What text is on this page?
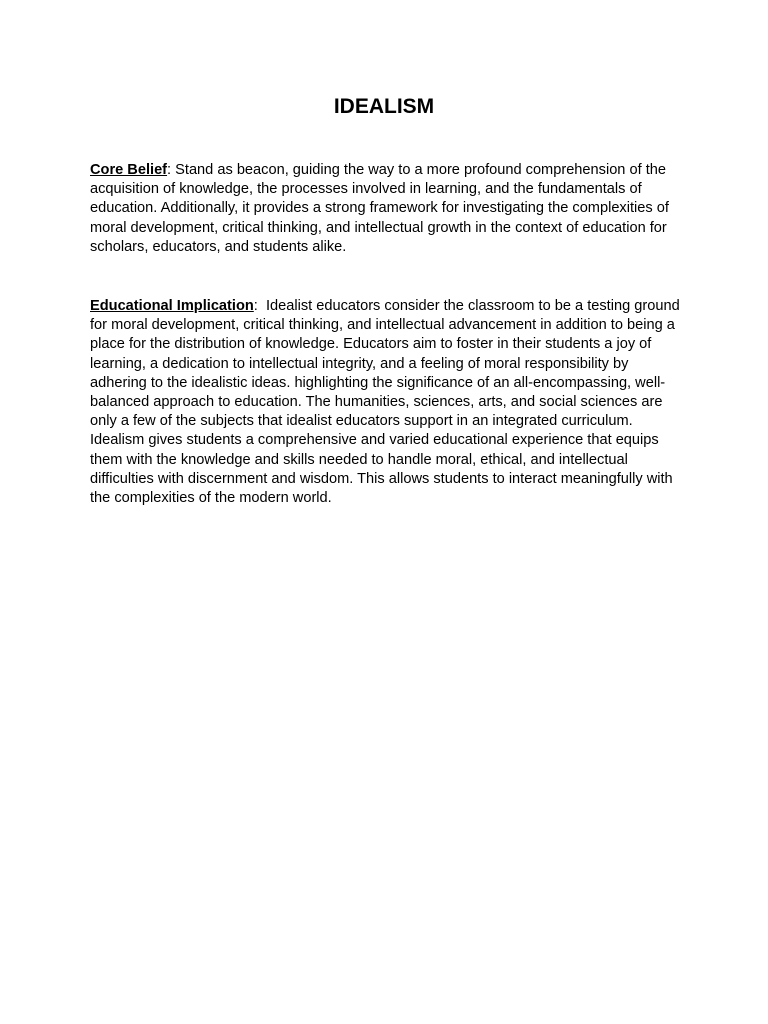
IDEALISM

Core Belief: Stand as beacon, guiding the way to a more profound comprehension of the acquisition of knowledge, the processes involved in learning, and the fundamentals of education. Additionally, it provides a strong framework for investigating the complexities of moral development, critical thinking, and intellectual growth in the context of education for scholars, educators, and students alike.

Educational Implication:  Idealist educators consider the classroom to be a testing ground for moral development, critical thinking, and intellectual advancement in addition to being a place for the distribution of knowledge. Educators aim to foster in their students a joy of learning, a dedication to intellectual integrity, and a feeling of moral responsibility by adhering to the idealistic ideas. highlighting the significance of an all-encompassing, well-balanced approach to education. The humanities, sciences, arts, and social sciences are only a few of the subjects that idealist educators support in an integrated curriculum. Idealism gives students a comprehensive and varied educational experience that equips them with the knowledge and skills needed to handle moral, ethical, and intellectual difficulties with discernment and wisdom. This allows students to interact meaningfully with the complexities of the modern world.
